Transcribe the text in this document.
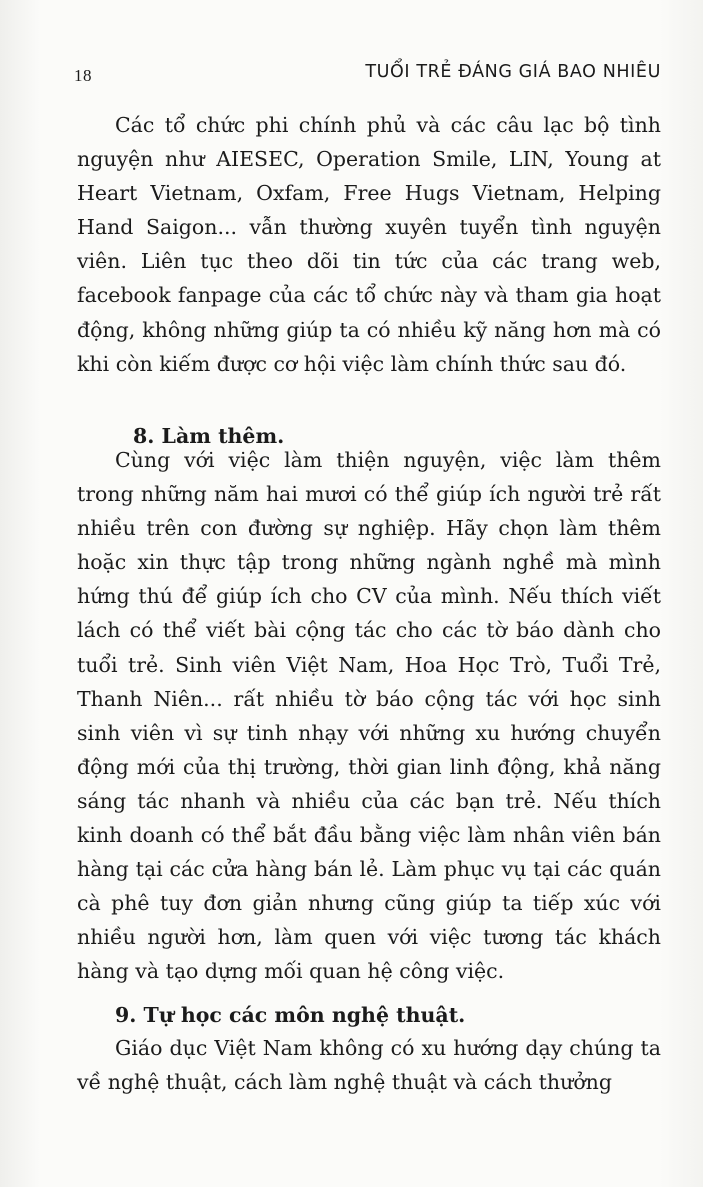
18	TUỔI TRẺ ĐÁNG GIÁ BAO NHIÊU

Các tổ chức phi chính phủ và các câu lạc bộ tình nguyện như AIESEC, Operation Smile, LIN, Young at Heart Vietnam, Oxfam, Free Hugs Vietnam, Helping Hand Saigon... vẫn thường xuyên tuyển tình nguyện viên. Liên tục theo dõi tin tức của các trang web, facebook fanpage của các tổ chức này và tham gia hoạt động, không những giúp ta có nhiều kỹ năng hơn mà có khi còn kiếm được cơ hội việc làm chính thức sau đó.

8. Làm thêm.

Cùng với việc làm thiện nguyện, việc làm thêm trong những năm hai mươi có thể giúp ích người trẻ rất nhiều trên con đường sự nghiệp. Hãy chọn làm thêm hoặc xin thực tập trong những ngành nghề mà mình hứng thú để giúp ích cho CV của mình. Nếu thích viết lách có thể viết bài cộng tác cho các tờ báo dành cho tuổi trẻ. Sinh viên Việt Nam, Hoa Học Trò, Tuổi Trẻ, Thanh Niên... rất nhiều tờ báo cộng tác với học sinh sinh viên vì sự tinh nhạy với những xu hướng chuyển động mới của thị trường, thời gian linh động, khả năng sáng tác nhanh và nhiều của các bạn trẻ. Nếu thích kinh doanh có thể bắt đầu bằng việc làm nhân viên bán hàng tại các cửa hàng bán lẻ. Làm phục vụ tại các quán cà phê tuy đơn giản nhưng cũng giúp ta tiếp xúc với nhiều người hơn, làm quen với việc tương tác khách hàng và tạo dựng mối quan hệ công việc.

9. Tự học các môn nghệ thuật.

Giáo dục Việt Nam không có xu hướng dạy chúng ta về nghệ thuật, cách làm nghệ thuật và cách thưởng
